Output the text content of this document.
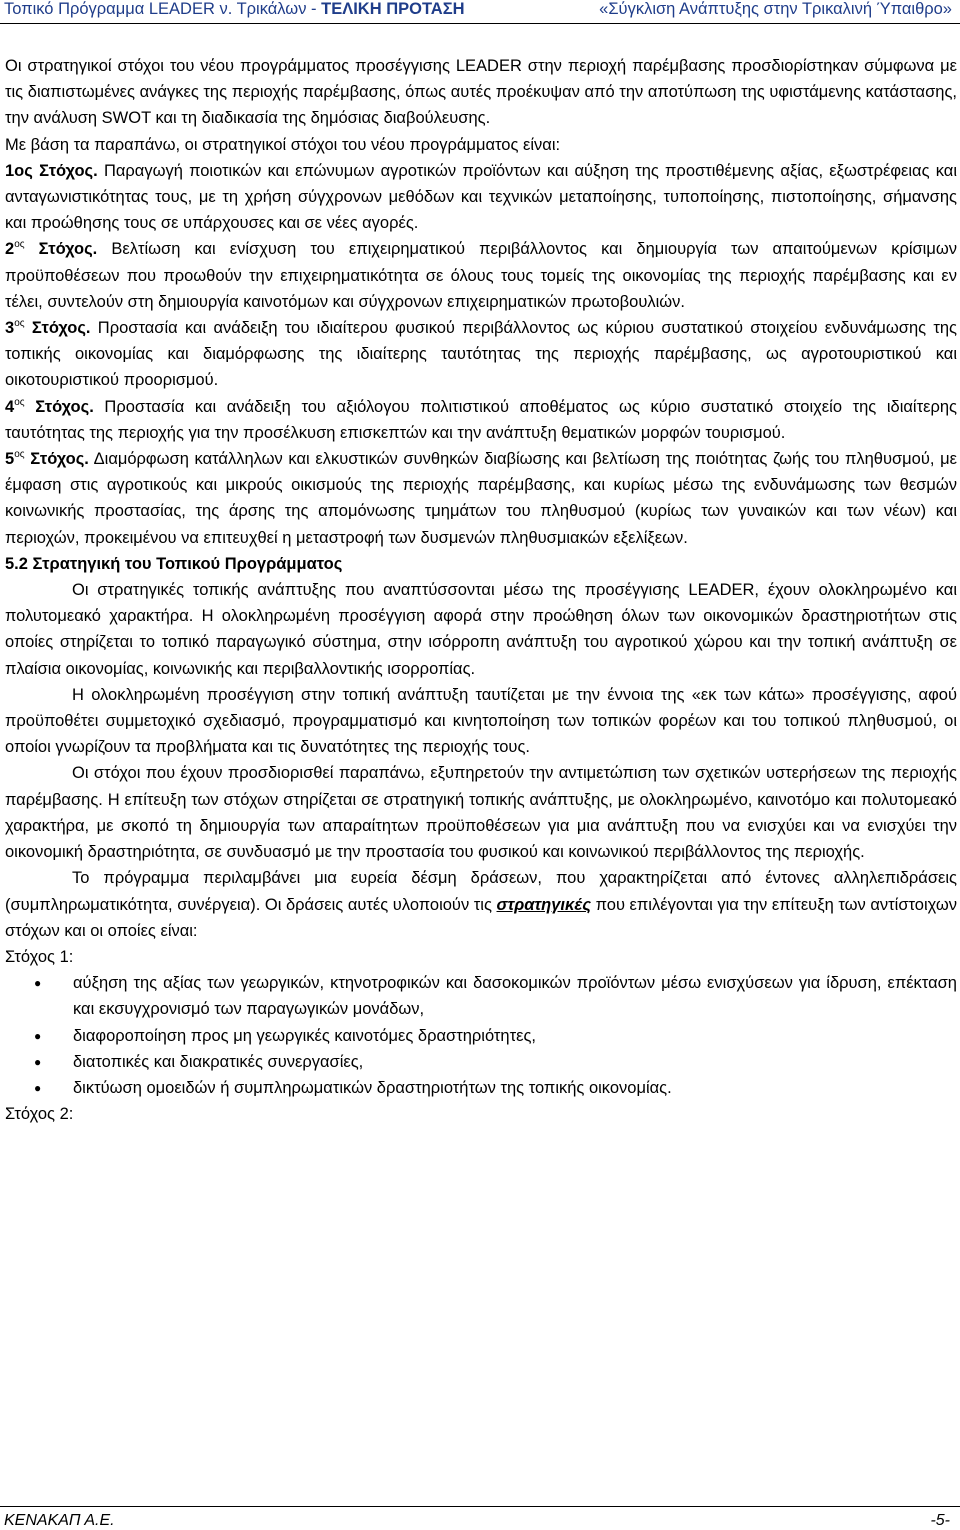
Τοπικό Πρόγραμμα LEADER ν. Τρικάλων - ΤΕΛΙΚΗ ΠΡΟΤΑΣΗ	«Σύγκλιση Ανάπτυξης στην Τρικαλινή Ύπαιθρο»

Οι στρατηγικοί στόχοι του νέου προγράμματος προσέγγισης LEADER στην περιοχή παρέμβασης προσδιορίστηκαν σύμφωνα με τις διαπιστωμένες ανάγκες της περιοχής παρέμβασης, όπως αυτές προέκυψαν από την αποτύπωση της υφιστάμενης κατάστασης, την ανάλυση SWOT και τη διαδικασία της δημόσιας διαβούλευσης.

Με βάση τα παραπάνω, οι στρατηγικοί στόχοι του νέου προγράμματος είναι:

1ος Στόχος. Παραγωγή ποιοτικών και επώνυμων αγροτικών προϊόντων και αύξηση της προστιθέμενης αξίας, εξωστρέφειας και ανταγωνιστικότητας τους, με τη χρήση σύγχρονων μεθόδων και τεχνικών μεταποίησης, τυποποίησης, πιστοποίησης, σήμανσης και προώθησης τους σε υπάρχουσες και σε νέες αγορές.

$2^{o\varsigma}$ Στόχος. Βελτίωση και ενίσχυση του επιχειρηματικού περιβάλλοντος και δημιουργία των απαιτούμενων κρίσιμων προϋποθέσεων που προωθούν την επιχειρηματικότητα σε όλους τους τομείς της οικονομίας της περιοχής παρέμβασης και εν τέλει, συντελούν στη δημιουργία καινοτόμων και σύγχρονων επιχειρηματικών πρωτοβουλιών.

$3^{o\varsigma}$ Στόχος. Προστασία και ανάδειξη του ιδιαίτερου φυσικού περιβάλλοντος ως κύριου συστατικού στοιχείου ενδυνάμωσης της τοπικής οικονομίας και διαμόρφωσης της ιδιαίτερης ταυτότητας της περιοχής παρέμβασης, ως αγροτουριστικού και οικοτουριστικού προορισμού.

$4^{o\varsigma}$ Στόχος. Προστασία και ανάδειξη του αξιόλογου πολιτιστικού αποθέματος ως κύριο συστατικό στοιχείο της ιδιαίτερης ταυτότητας της περιοχής για την προσέλκυση επισκεπτών και την ανάπτυξη θεματικών μορφών τουρισμού.

$5^{o\varsigma}$ Στόχος. Διαμόρφωση κατάλληλων και ελκυστικών συνθηκών διαβίωσης και βελτίωση της ποιότητας ζωής του πληθυσμού, με έμφαση στις αγροτικούς και μικρούς οικισμούς της περιοχής παρέμβασης, και κυρίως μέσω της ενδυνάμωσης των θεσμών κοινωνικής προστασίας, της άρσης της απομόνωσης τμημάτων του πληθυσμού (κυρίως των γυναικών και των νέων) και περιοχών, προκειμένου να επιτευχθεί η μεταστροφή των δυσμενών πληθυσμιακών εξελίξεων.

5.2 Στρατηγική του Τοπικού Προγράμματος

Οι στρατηγικές τοπικής ανάπτυξης που αναπτύσσονται μέσω της προσέγγισης LEADER, έχουν ολοκληρωμένο και πολυτομεακό χαρακτήρα. Η ολοκληρωμένη προσέγγιση αφορά στην προώθηση όλων των οικονομικών δραστηριοτήτων στις οποίες στηρίζεται το τοπικό παραγωγικό σύστημα, στην ισόρροπη ανάπτυξη του αγροτικού χώρου και την τοπική ανάπτυξη σε πλαίσια οικονομίας, κοινωνικής και περιβαλλοντικής ισορροπίας.

Η ολοκληρωμένη προσέγγιση στην τοπική ανάπτυξη ταυτίζεται με την έννοια της «εκ των κάτω» προσέγγισης, αφού προϋποθέτει συμμετοχικό σχεδιασμό, προγραμματισμό και κινητοποίηση των τοπικών φορέων και του τοπικού πληθυσμού, οι οποίοι γνωρίζουν τα προβλήματα και τις δυνατότητες της περιοχής τους.

Οι στόχοι που έχουν προσδιορισθεί παραπάνω, εξυπηρετούν την αντιμετώπιση των σχετικών υστερήσεων της περιοχής παρέμβασης. Η επίτευξη των στόχων στηρίζεται σε στρατηγική τοπικής ανάπτυξης, με ολοκληρωμένο, καινοτόμο και πολυτομεακό χαρακτήρα, με σκοπό τη δημιουργία των απαραίτητων προϋποθέσεων για μια ανάπτυξη που να ενισχύει και να ενισχύει την οικονομική δραστηριότητα, σε συνδυασμό με την προστασία του φυσικού και κοινωνικού περιβάλλοντος της περιοχής.

Το πρόγραμμα περιλαμβάνει μια ευρεία δέσμη δράσεων, που χαρακτηρίζεται από έντονες αλληλεπιδράσεις (συμπληρωματικότητα, συνέργεια). Οι δράσεις αυτές υλοποιούν τις στρατηγικές που επιλέγονται για την επίτευξη των αντίστοιχων στόχων και οι οποίες είναι:

Στόχος 1:

● αύξηση της αξίας των γεωργικών, κτηνοτροφικών και δασοκομικών προϊόντων μέσω ενισχύσεων για ίδρυση, επέκταση και εκσυγχρονισμό των παραγωγικών μονάδων,
● διαφοροποίηση προς μη γεωργικές καινοτόμες δραστηριότητες,
● διατοπικές και διακρατικές συνεργασίες,
● δικτύωση ομοειδών ή συμπληρωματικών δραστηριοτήτων της τοπικής οικονομίας.

Στόχος 2:

ΚΕΝΑΚΑΠ Α.Ε.	-5-
